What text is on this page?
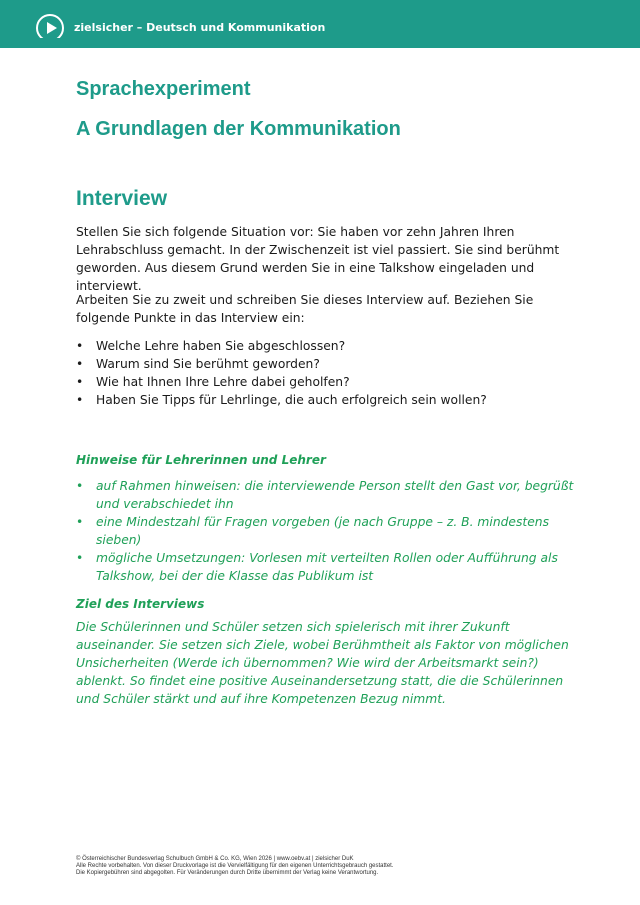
zielsicher – Deutsch und Kommunikation
Sprachexperiment
A Grundlagen der Kommunikation
Interview

Stellen Sie sich folgende Situation vor: Sie haben vor zehn Jahren Ihren Lehrabschluss gemacht. In der Zwischenzeit ist viel passiert. Sie sind berühmt geworden. Aus diesem Grund werden Sie in eine Talkshow eingeladen und interviewt.

Arbeiten Sie zu zweit und schreiben Sie dieses Interview auf. Beziehen Sie folgende Punkte in das Interview ein:

• Welche Lehre haben Sie abgeschlossen?
• Warum sind Sie berühmt geworden?
• Wie hat Ihnen Ihre Lehre dabei geholfen?
• Haben Sie Tipps für Lehrlinge, die auch erfolgreich sein wollen?
Hinweise für Lehrerinnen und Lehrer
• auf Rahmen hinweisen: die interviewende Person stellt den Gast vor, begrüßt und verabschiedet ihn
• eine Mindestzahl für Fragen vorgeben (je nach Gruppe – z. B. mindestens sieben)
• mögliche Umsetzungen: Vorlesen mit verteilten Rollen oder Aufführung als Talkshow, bei der die Klasse das Publikum ist
Ziel des Interviews

Die Schülerinnen und Schüler setzen sich spielerisch mit ihrer Zukunft auseinander. Sie setzen sich Ziele, wobei Berühmtheit als Faktor von möglichen Unsicherheiten (Werde ich übernommen? Wie wird der Arbeitsmarkt sein?) ablenkt. So findet eine positive Auseinandersetzung statt, die die Schülerinnen und Schüler stärkt und auf ihre Kompetenzen Bezug nimmt.

© Österreichischer Bundesverlag Schulbuch GmbH & Co. KG, Wien 2026 | www.oebv.at | zielsicher DuK
Alle Rechte vorbehalten. Von dieser Druckvorlage ist die Vervielfältigung für den eigenen Unterrichtsgebrauch gestattet.
Die Kopiergebühren sind abgegolten. Für Veränderungen durch Dritte übernimmt der Verlag keine Verantwortung.
